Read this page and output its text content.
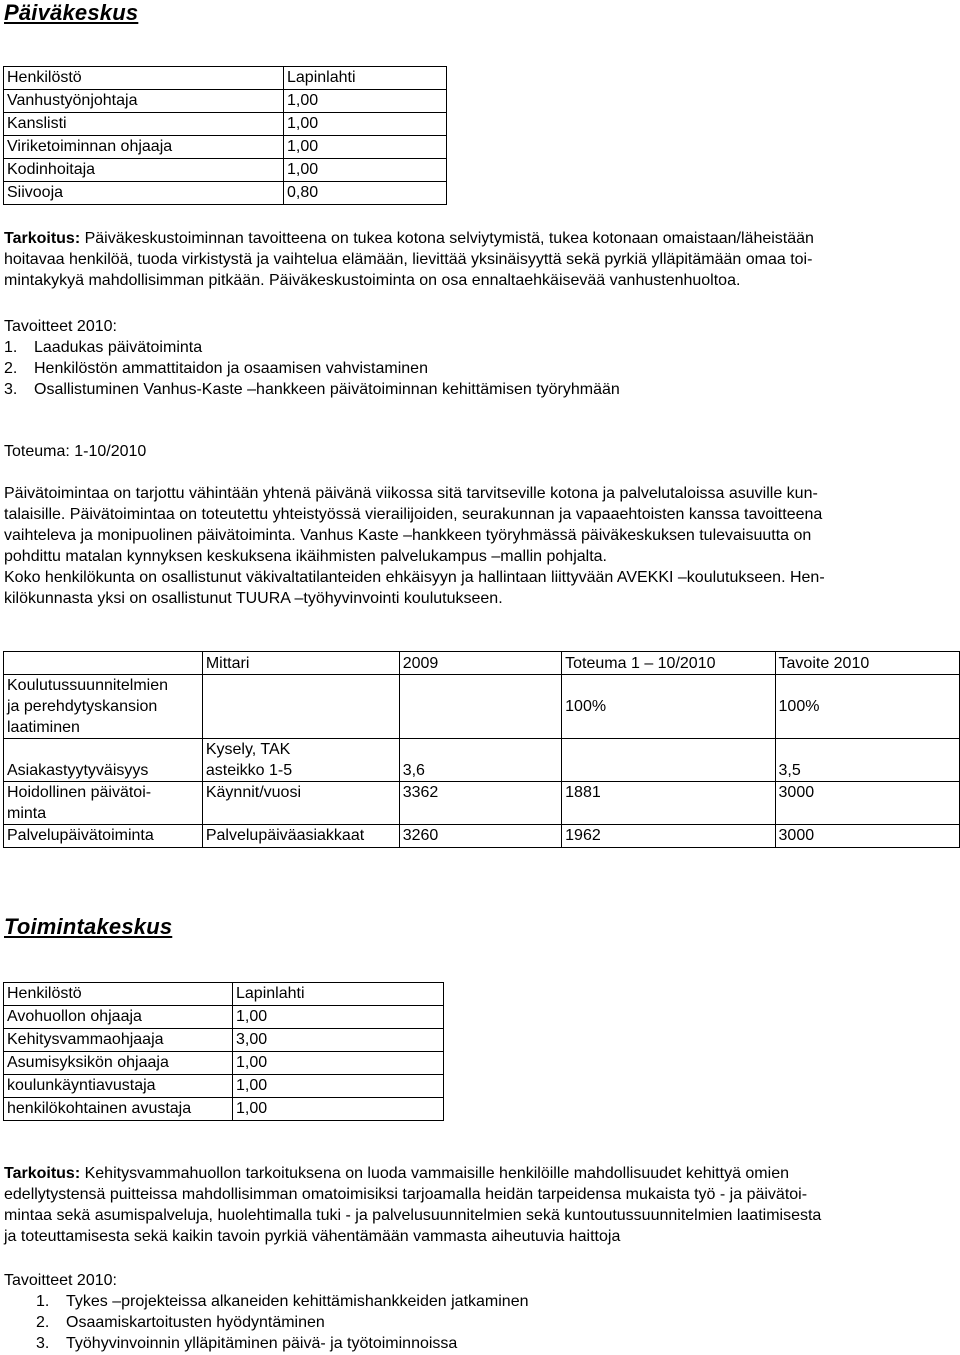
Päiväkeskus
Henkilöstö	Lapinlahti
Vanhustyönjohtaja	1,00
Kanslisti	1,00
Viriketoiminnan ohjaaja	1,00
Kodinhoitaja	1,00
Siivooja	0,80
Tarkoitus: Päiväkeskustoiminnan tavoitteena on tukea kotona selviytymistä, tukea kotonaan omaistaan/läheistään
hoitavaa henkilöä, tuoda virkistystä ja vaihtelua elämään, lievittää yksinäisyyttä sekä pyrkiä ylläpitämään omaa toi-
mintakykyä mahdollisimman pitkään. Päiväkeskustoiminta on osa ennaltaehkäisevää vanhustenhuoltoa.
Tavoitteet 2010:
1. Laadukas päivätoiminta
2. Henkilöstön ammattitaidon ja osaamisen vahvistaminen
3. Osallistuminen Vanhus-Kaste –hankkeen päivätoiminnan kehittämisen työryhmään
Toteuma: 1-10/2010
Päivätoimintaa on tarjottu vähintään yhtenä päivänä viikossa sitä tarvitseville kotona ja palvelutaloissa asuville kun-
talaisille. Päivätoimintaa on toteutettu yhteistyössä vierailijoiden, seurakunnan ja vapaaehtoisten kanssa tavoitteena
vaihteleva ja monipuolinen päivätoiminta. Vanhus Kaste –hankkeen työryhmässä päiväkeskuksen tulevaisuutta on
pohdittu matalan kynnyksen keskuksena ikäihmisten palvelukampus –mallin pohjalta.
Koko henkilökunta on osallistunut väkivaltatilanteiden ehkäisyyn ja hallintaan liittyvään AVEKKI –koulutukseen. Hen-
kilökunnasta yksi on osallistunut TUURA –työhyvinvointi koulutukseen.
	Mittari	2009	Toteuma 1 – 10/2010	Tavoite 2010

Koulutussuunnitelmien
ja perehdytyskansion
laatiminen			100%	100%
Asiakastyytyväisyys	Kysely, TAK
asteikko 1-5	3,6		3,5

Hoidollinen päivätoi-
minta	Käynnit/vuosi	3362	1881	3000
Palvelupäivätoiminta	Palvelupäiväasiakkaat	3260	1962	3000
Toimintakeskus
Henkilöstö	Lapinlahti
Avohuollon ohjaaja	1,00
Kehitysvammaohjaaja	3,00
Asumisyksikön ohjaaja	1,00
koulunkäyntiavustaja	1,00
henkilökohtainen avustaja	1,00
Tarkoitus: Kehitysvammahuollon tarkoituksena on luoda vammaisille henkilöille mahdollisuudet kehittyä omien
edellytystensä puitteissa mahdollisimman omatoimisiksi tarjoamalla heidän tarpeidensa mukaista työ - ja päivätoi-
mintaa sekä asumispalveluja, huolehtimalla tuki - ja palvelusuunnitelmien sekä kuntoutussuunnitelmien laatimisesta
ja toteuttamisesta sekä kaikin tavoin pyrkiä vähentämään vammasta aiheutuvia haittoja
Tavoitteet 2010:
1. Tykes –projekteissa alkaneiden kehittämishankkeiden jatkaminen
2. Osaamiskartoitusten hyödyntäminen
3. Työhyvinvoinnin ylläpitäminen päivä- ja työtoiminnoissa
